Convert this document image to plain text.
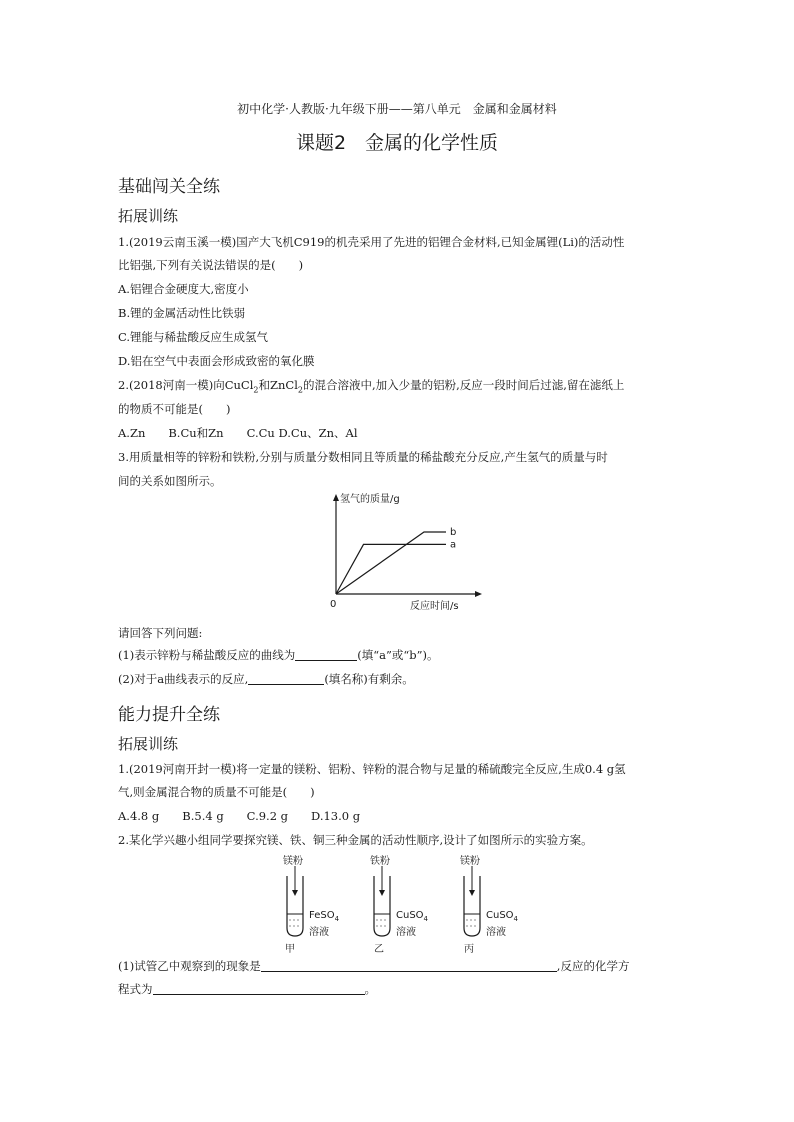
初中化学·人教版·九年级下册——第八单元　金属和金属材料
课题2　金属的化学性质
基础闯关全练
拓展训练
1.(2019云南玉溪一模)国产大飞机C919的机壳采用了先进的铝锂合金材料,已知金属锂(Li)的活动性
比铝强,下列有关说法错误的是(　　)
A.铝锂合金硬度大,密度小
B.锂的金属活动性比铁弱
C.锂能与稀盐酸反应生成氢气
D.铝在空气中表面会形成致密的氧化膜
2.(2018河南一模)向CuCl$_2$和ZnCl$_2$的混合溶液中,加入少量的铝粉,反应一段时间后过滤,留在滤纸上
的物质不可能是(　　)
A.Zn　　B.Cu和Zn　　C.Cu D.Cu、Zn、Al
3.用质量相等的锌粉和铁粉,分别与质量分数相同且等质量的稀盐酸充分反应,产生氢气的质量与时
间的关系如图所示。
氢气的质量/g
反应时间/s
0
a
b
请回答下列问题:
(1)表示锌粉与稀盐酸反应的曲线为	(填“a”或“b”)。
(2)对于a曲线表示的反应,	(填名称)有剩余。
能力提升全练
拓展训练
1.(2019河南开封一模)将一定量的镁粉、铝粉、锌粉的混合物与足量的稀硫酸完全反应,生成0.4 g氢
气,则金属混合物的质量不可能是(　　)
A.4.8 g　　B.5.4 g　　C.9.2 g　　D.13.0 g
2.某化学兴趣小组同学要探究镁、铁、铜三种金属的活动性顺序,设计了如图所示的实验方案。
镁粉
FeSO$_4$
溶液
甲
铁粉
CuSO$_4$
溶液
乙
镁粉
CuSO$_4$
溶液
丙
(1)试管乙中观察到的现象是	,反应的化学方
程式为	。
